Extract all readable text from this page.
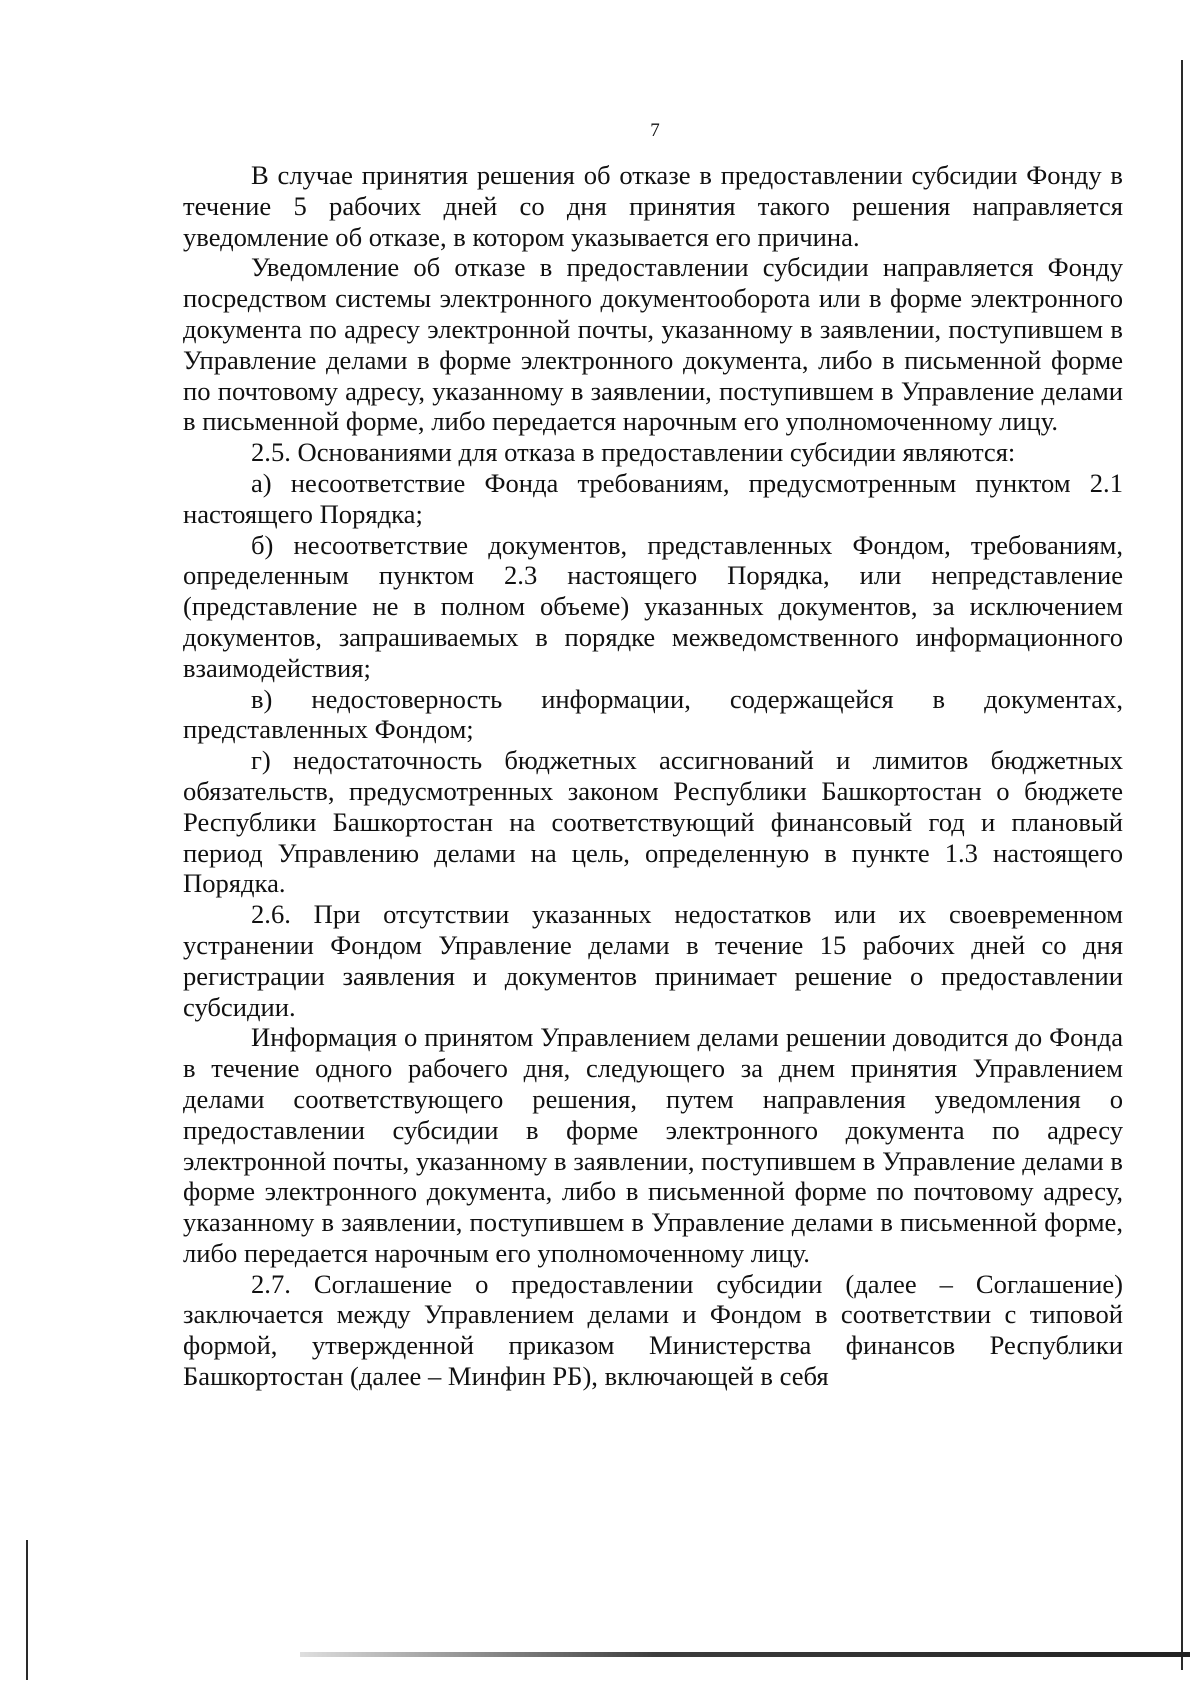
7

В случае принятия решения об отказе в предоставлении субсидии Фонду в течение 5 рабочих дней со дня принятия такого решения направляется уведомление об отказе, в котором указывается его причина.

Уведомление об отказе в предоставлении субсидии направляется Фонду посредством системы электронного документооборота или в форме электронного документа по адресу электронной почты, указанному в заявлении, поступившем в Управление делами в форме электронного документа, либо в письменной форме по почтовому адресу, указанному в заявлении, поступившем в Управление делами в письменной форме, либо передается нарочным его уполномоченному лицу.

2.5. Основаниями для отказа в предоставлении субсидии являются:

а) несоответствие Фонда требованиям, предусмотренным пунктом 2.1 настоящего Порядка;

б) несоответствие документов, представленных Фондом, требованиям, определенным пунктом 2.3 настоящего Порядка, или непредставление (представление не в полном объеме) указанных документов, за исключением документов, запрашиваемых в порядке межведомственного информационного взаимодействия;

в) недостоверность информации, содержащейся в документах, представленных Фондом;

г) недостаточность бюджетных ассигнований и лимитов бюджетных обязательств, предусмотренных законом Республики Башкортостан о бюджете Республики Башкортостан на соответствующий финансовый год и плановый период Управлению делами на цель, определенную в пункте 1.3 настоящего Порядка.

2.6. При отсутствии указанных недостатков или их своевременном устранении Фондом Управление делами в течение 15 рабочих дней со дня регистрации заявления и документов принимает решение о предоставлении субсидии.

Информация о принятом Управлением делами решении доводится до Фонда в течение одного рабочего дня, следующего за днем принятия Управлением делами соответствующего решения, путем направления уведомления о предоставлении субсидии в форме электронного документа по адресу электронной почты, указанному в заявлении, поступившем в Управление делами в форме электронного документа, либо в письменной форме по почтовому адресу, указанному в заявлении, поступившем в Управление делами в письменной форме, либо передается нарочным его уполномоченному лицу.

2.7. Соглашение о предоставлении субсидии (далее – Соглашение) заключается между Управлением делами и Фондом в соответствии с типовой формой, утвержденной приказом Министерства финансов Республики Башкортостан (далее – Минфин РБ), включающей в себя
